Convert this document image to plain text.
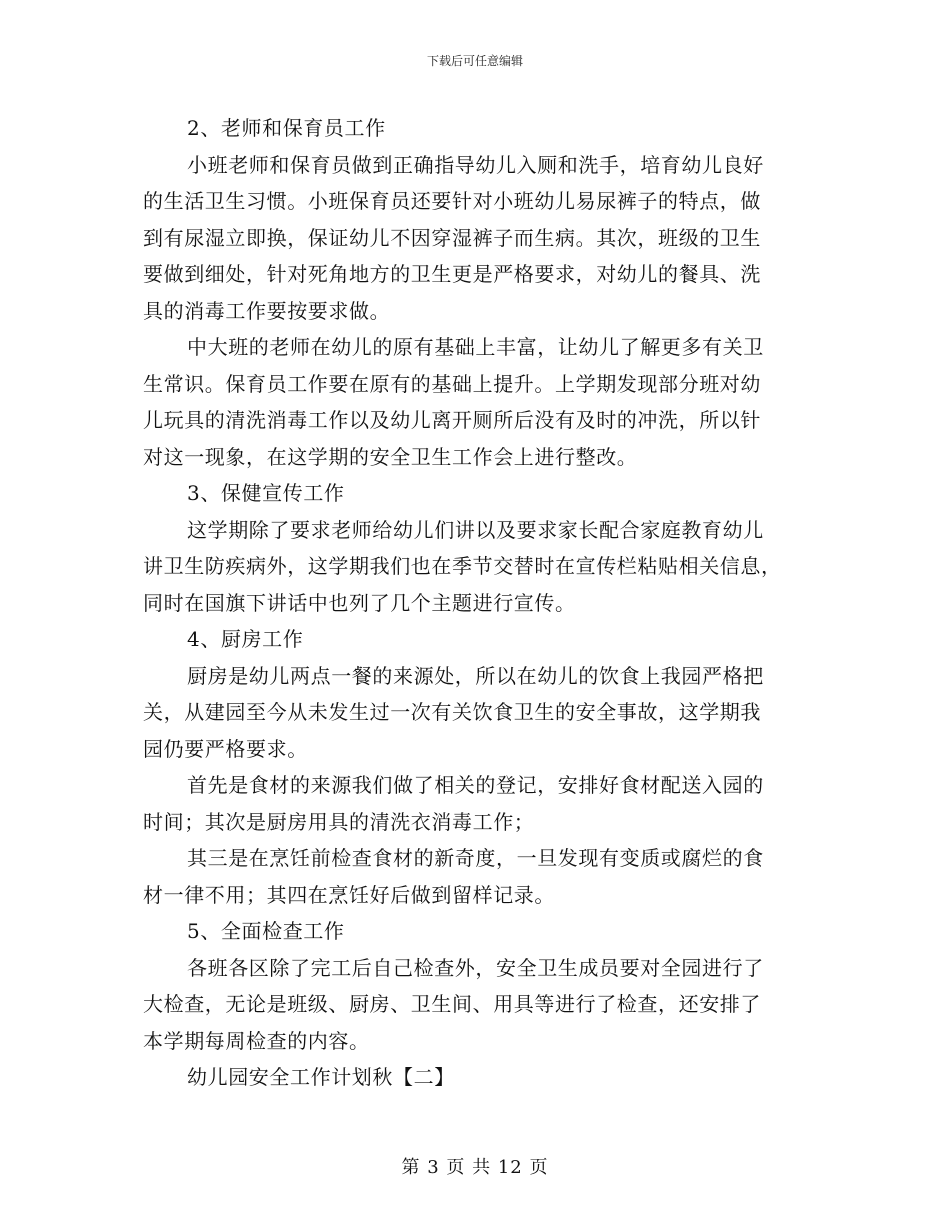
下载后可任意编辑
2、老师和保育员工作
小班老师和保育员做到正确指导幼儿入厕和洗手，培育幼儿良好
的生活卫生习惯。小班保育员还要针对小班幼儿易尿裤子的特点，做
到有尿湿立即换，保证幼儿不因穿湿裤子而生病。其次，班级的卫生
要做到细处，针对死角地方的卫生更是严格要求，对幼儿的餐具、洗
具的消毒工作要按要求做。
中大班的老师在幼儿的原有基础上丰富，让幼儿了解更多有关卫
生常识。保育员工作要在原有的基础上提升。上学期发现部分班对幼
儿玩具的清洗消毒工作以及幼儿离开厕所后没有及时的冲洗，所以针
对这一现象，在这学期的安全卫生工作会上进行整改。
3、保健宣传工作
这学期除了要求老师给幼儿们讲以及要求家长配合家庭教育幼儿
讲卫生防疾病外，这学期我们也在季节交替时在宣传栏粘贴相关信息，
同时在国旗下讲话中也列了几个主题进行宣传。
4、厨房工作
厨房是幼儿两点一餐的来源处，所以在幼儿的饮食上我园严格把
关，从建园至今从未发生过一次有关饮食卫生的安全事故，这学期我
园仍要严格要求。
首先是食材的来源我们做了相关的登记，安排好食材配送入园的
时间；其次是厨房用具的清洗衣消毒工作；
其三是在烹饪前检查食材的新奇度，一旦发现有变质或腐烂的食
材一律不用；其四在烹饪好后做到留样记录。
5、全面检查工作
各班各区除了完工后自己检查外，安全卫生成员要对全园进行了
大检查，无论是班级、厨房、卫生间、用具等进行了检查，还安排了
本学期每周检查的内容。
幼儿园安全工作计划秋【二】
第 3 页 共 12 页
